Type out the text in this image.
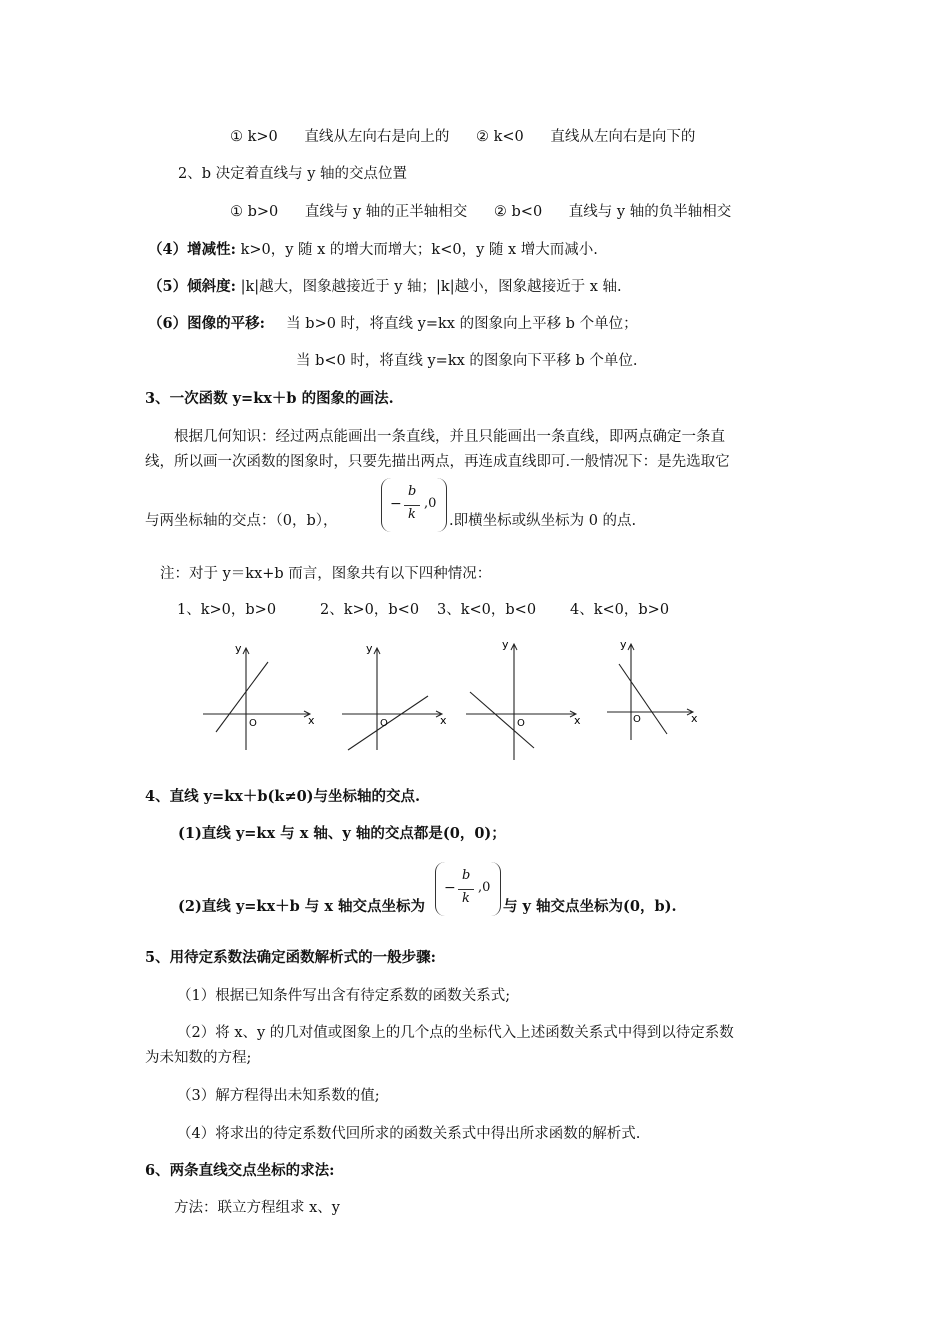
① k>0 直线从左向右是向上的 ② k<0 直线从左向右是向下的
2、b 决定着直线与 y 轴的交点位置
① b>0 直线与 y 轴的正半轴相交 ② b<0 直线与 y 轴的负半轴相交
（4）增减性: k>0，y 随 x 的增大而增大；k<0，y 随 x 增大而减小.
（5）倾斜度: |k|越大，图象越接近于 y 轴；|k|越小，图象越接近于 x 轴.
（6）图像的平移: 当 b>0 时，将直线 y=kx 的图象向上平移 b 个单位；
当 b<0 时，将直线 y=kx 的图象向下平移 b 个单位.
3、一次函数 y=kx＋b 的图象的画法.
根据几何知识：经过两点能画出一条直线，并且只能画出一条直线，即两点确定一条直
线，所以画一次函数的图象时，只要先描出两点，再连成直线即可.一般情况下：是先选取它
与两坐标轴的交点：（0，b），
−
b
k
,0
.即横坐标或纵坐标为 0 的点.
注：对于 y＝kx+b 而言，图象共有以下四种情况：
1、k>0，b>0	2、k>0，b<0 3、k<0，b<0 4、k<0，b>0
y
x
O
y
x
O
y
x
O
y
x
O
4、直线 y=kx＋b(k≠0)与坐标轴的交点.
(1)直线 y=kx 与 x 轴、y 轴的交点都是(0，0)；
(2)直线 y=kx＋b 与 x 轴交点坐标为
−
b
k
,0
与 y 轴交点坐标为(0，b).
5、用待定系数法确定函数解析式的一般步骤:
（1）根据已知条件写出含有待定系数的函数关系式;
（2）将 x、y 的几对值或图象上的几个点的坐标代入上述函数关系式中得到以待定系数
为未知数的方程;
（3）解方程得出未知系数的值;
（4）将求出的待定系数代回所求的函数关系式中得出所求函数的解析式.
6、两条直线交点坐标的求法:
方法：联立方程组求 x、y
